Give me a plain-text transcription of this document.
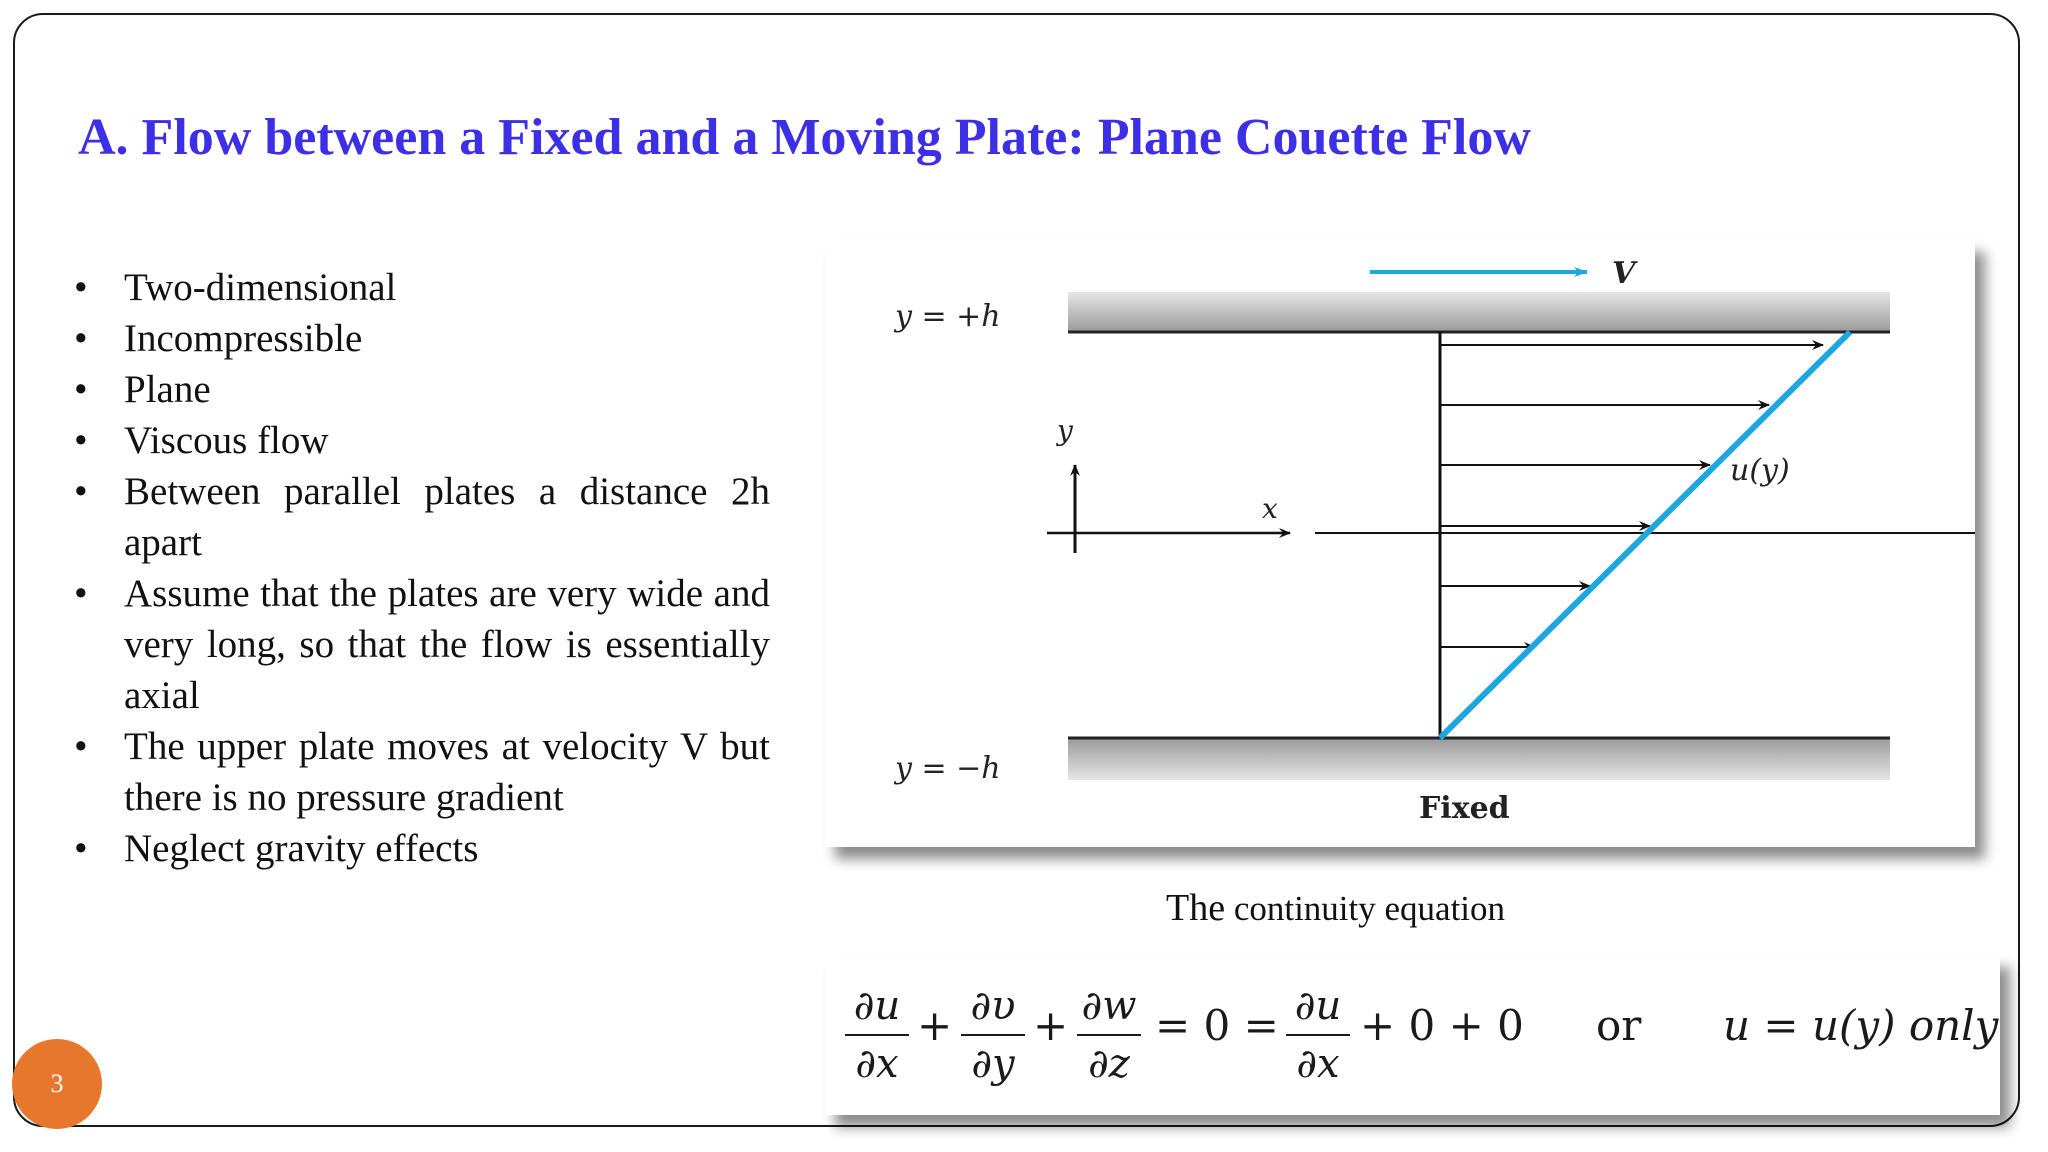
A. Flow between a Fixed and a Moving Plate: Plane Couette Flow
• Two-dimensional
• Incompressible
• Plane
• Viscous flow
• Between parallel plates a distance 2h apart
• Assume that the plates are very wide and very long, so that the flow is essentially axial
• The upper plate moves at velocity V but there is no pressure gradient
• Neglect gravity effects
V
y = +h
y = −h
Fixed
y
x
u(y)
The continuity equation
∂u
∂x
+ ∂υ
∂y
+ ∂w
∂z
= 0 = ∂u
∂x
+ 0 + 0 or u = u(y) only
3
